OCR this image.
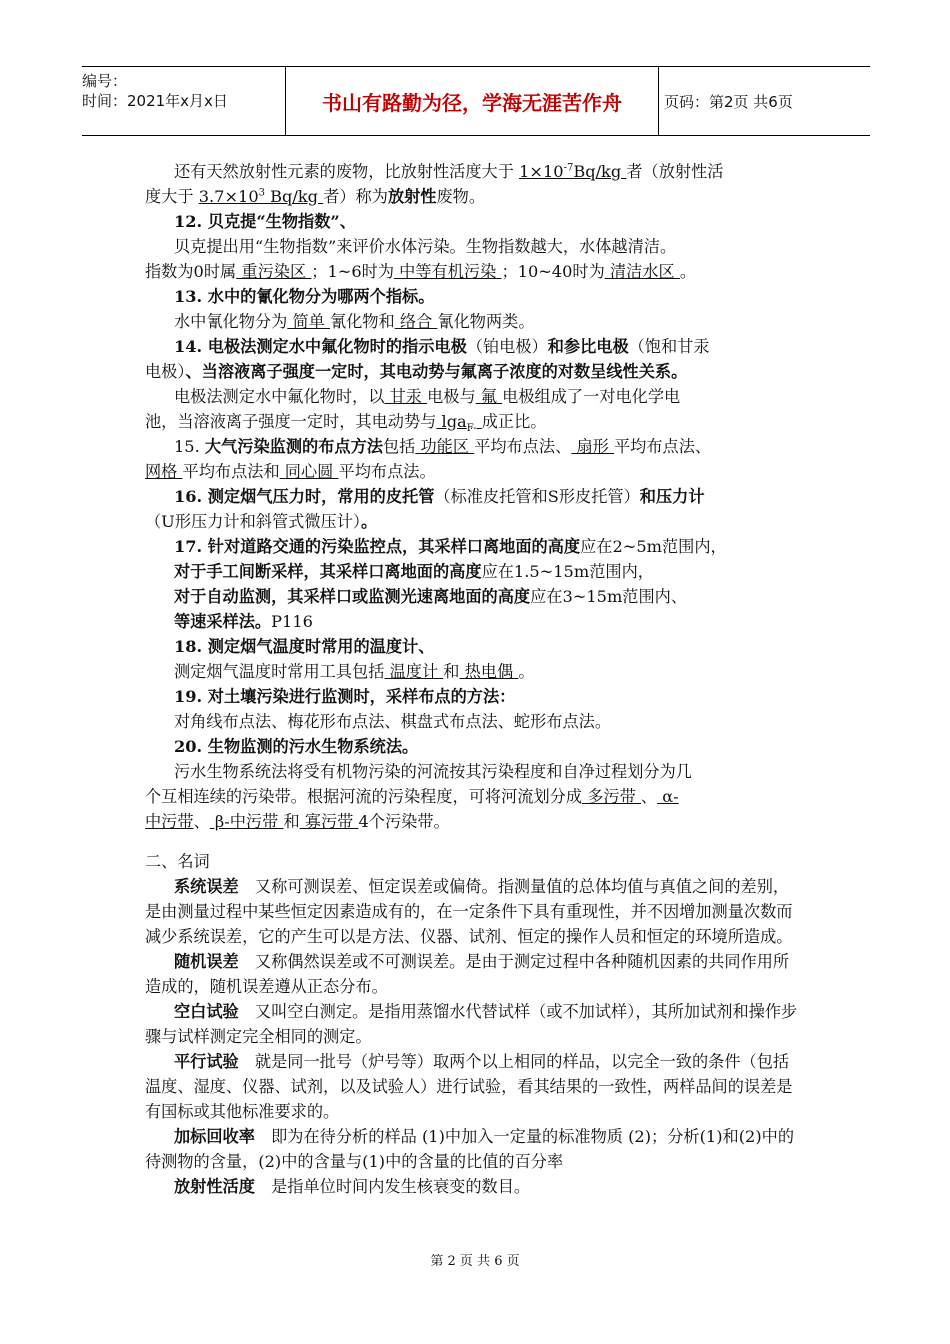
编号：
时间：2021年x月x日	书山有路勤为径，学海无涯苦作舟	页码：第2页 共6页

还有天然放射性元素的废物，比放射性活度大于 $1\times 10^{-7}Bq/kg$ 者（放射性活

度大于 $3.7\times 10^3$ Bq/kg 者）称为放射性废物。

12. 贝克提“生物指数”、

贝克提出用“生物指数”来评价水体污染。生物指数越大，水体越清洁。

指数为0时属 重污染区 ；1~6时为 中等有机污染 ；10~40时为 清洁水区 。

13. 水中的氰化物分为哪两个指标。

水中氰化物分为 简单 氰化物和 络合 氰化物两类。

14. 电极法测定水中氟化物时的指示电极（铂电极）和参比电极（饱和甘汞

电极）、当溶液离子强度一定时，其电动势与氟离子浓度的对数呈线性关系。

电极法测定水中氟化物时，以 甘汞 电极与 氟 电极组成了一对电化学电

池，当溶液离子强度一定时，其电动势与 lga$_{F-}$ 成正比。

15. 大气污染监测的布点方法包括 功能区 平均布点法、 扇形 平均布点法、

网格 平均布点法和 同心圆 平均布点法。

16. 测定烟气压力时，常用的皮托管（标准皮托管和S形皮托管）和压力计

（U形压力计和斜管式微压计）。

17. 针对道路交通的污染监控点，其采样口离地面的高度应在2~5m范围内，

对于手工间断采样，其采样口离地面的高度应在1.5~15m范围内，

对于自动监测，其采样口或监测光速离地面的高度应在3~15m范围内、

等速采样法。P116

18. 测定烟气温度时常用的温度计、

测定烟气温度时常用工具包括 温度计 和 热电偶 。

19. 对土壤污染进行监测时，采样布点的方法：

对角线布点法、梅花形布点法、棋盘式布点法、蛇形布点法。

20. 生物监测的污水生物系统法。

污水生物系统法将受有机物污染的河流按其污染程度和自净过程划分为几

个互相连续的污染带。根据河流的污染程度，可将河流划分成 多污带 、 α-

中污带、 β-中污带 和 寡污带 4个污染带。

二、名词

系统误差　又称可测误差、恒定误差或偏倚。指测量值的总体均值与真值之间的差别，是由测量过程中某些恒定因素造成有的，在一定条件下具有重现性，并不因增加测量次数而减少系统误差，它的产生可以是方法、仪器、试剂、恒定的操作人员和恒定的环境所造成。

随机误差　又称偶然误差或不可测误差。是由于测定过程中各种随机因素的共同作用所造成的，随机误差遵从正态分布。

空白试验　又叫空白测定。是指用蒸馏水代替试样（或不加试样），其所加试剂和操作步骤与试样测定完全相同的测定。

平行试验　就是同一批号（炉号等）取两个以上相同的样品，以完全一致的条件（包括温度、湿度、仪器、试剂，以及试验人）进行试验，看其结果的一致性，两样品间的误差是有国标或其他标准要求的。

加标回收率　即为在待分析的样品 (1)中加入一定量的标准物质 (2)；分析(1)和(2)中的待测物的含量，(2)中的含量与(1)中的含量的比值的百分率

放射性活度　是指单位时间内发生核衰变的数目。

第 2 页 共 6 页
